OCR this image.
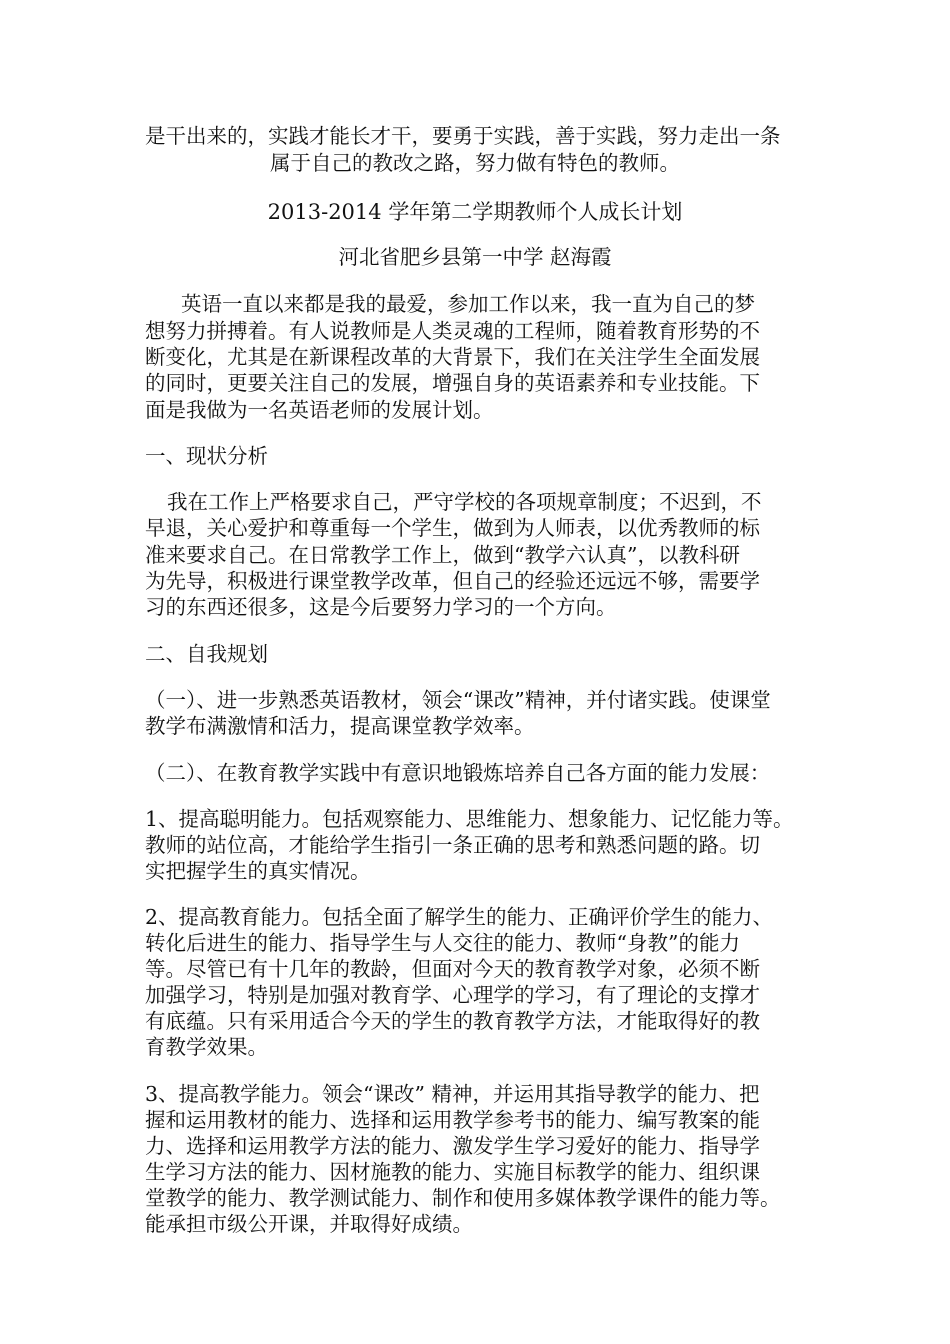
是干出来的，实践才能长才干，要勇于实践，善于实践，努力走出一条
属于自己的教改之路，努力做有特色的教师。
2013-2014 学年第二学期教师个人成长计划
河北省肥乡县第一中学 赵海霞
英语一直以来都是我的最爱，参加工作以来，我一直为自己的梦
想努力拼搏着。有人说教师是人类灵魂的工程师，随着教育形势的不
断变化，尤其是在新课程改革的大背景下，我们在关注学生全面发展
的同时，更要关注自己的发展，增强自身的英语素养和专业技能。下
面是我做为一名英语老师的发展计划。
一、现状分析
我在工作上严格要求自己，严守学校的各项规章制度；不迟到，不
早退，关心爱护和尊重每一个学生，做到为人师表，以优秀教师的标
准来要求自己。在日常教学工作上，做到“教学六认真”，以教科研
为先导，积极进行课堂教学改革，但自己的经验还远远不够，需要学
习的东西还很多，这是今后要努力学习的一个方向。
二、自我规划
（一）、进一步熟悉英语教材，领会“课改”精神，并付诸实践。使课堂
教学布满激情和活力，提高课堂教学效率。
（二）、在教育教学实践中有意识地锻炼培养自己各方面的能力发展：
1、提高聪明能力。包括观察能力、思维能力、想象能力、记忆能力等。
教师的站位高，才能给学生指引一条正确的思考和熟悉问题的路。切
实把握学生的真实情况。
2、提高教育能力。包括全面了解学生的能力、正确评价学生的能力、
转化后进生的能力、指导学生与人交往的能力、教师“身教”的能力
等。尽管已有十几年的教龄，但面对今天的教育教学对象，必须不断
加强学习，特别是加强对教育学、心理学的学习，有了理论的支撑才
有底蕴。只有采用适合今天的学生的教育教学方法，才能取得好的教
育教学效果。
3、提高教学能力。领会“课改” 精神，并运用其指导教学的能力、把
握和运用教材的能力、选择和运用教学参考书的能力、编写教案的能
力、选择和运用教学方法的能力、激发学生学习爱好的能力、指导学
生学习方法的能力、因材施教的能力、实施目标教学的能力、组织课
堂教学的能力、教学测试能力、制作和使用多媒体教学课件的能力等。
能承担市级公开课，并取得好成绩。
